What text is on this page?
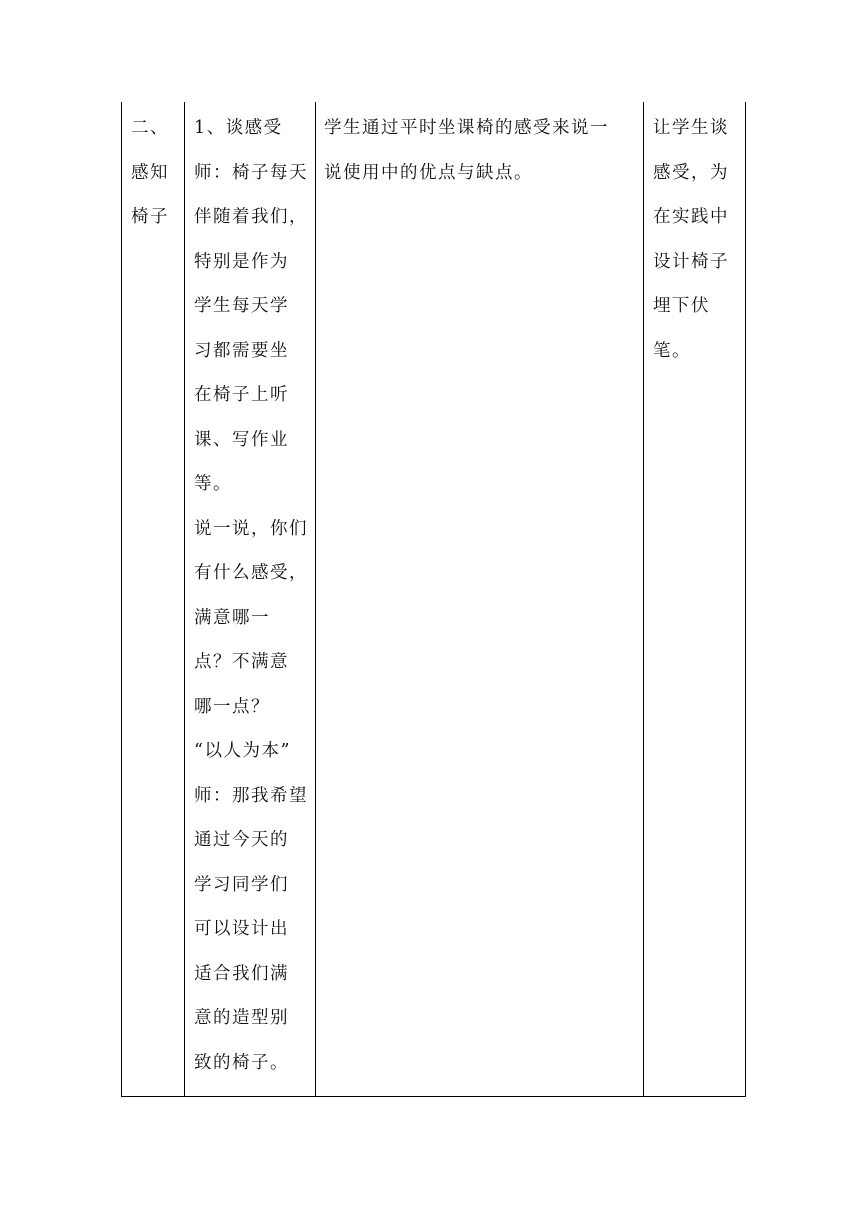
二、
感知
椅子

1、谈感受
师：椅子每天
伴随着我们，
特别是作为
学生每天学
习都需要坐
在椅子上听
课、写作业
等。
说一说，你们
有什么感受，
满意哪一
点？不满意
哪一点？
“以人为本”
师：那我希望
通过今天的
学习同学们
可以设计出
适合我们满
意的造型别
致的椅子。

学生通过平时坐课椅的感受来说一
说使用中的优点与缺点。

让学生谈
感受，为
在实践中
设计椅子
埋下伏
笔。
